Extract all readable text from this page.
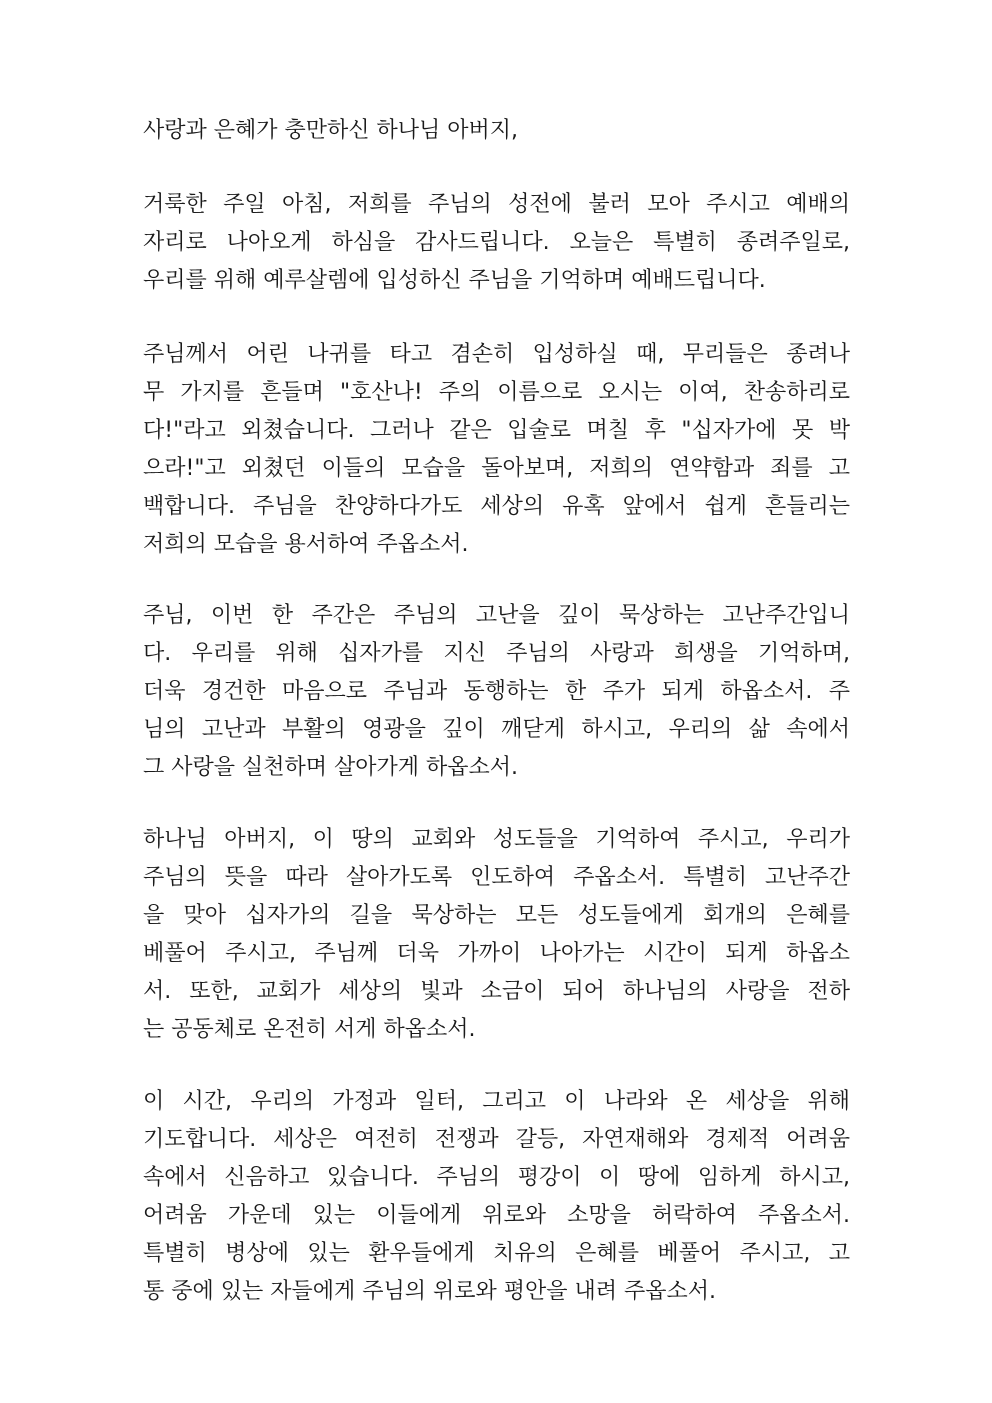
사랑과 은혜가 충만하신 하나님 아버지,
거룩한 주일 아침, 저희를 주님의 성전에 불러 모아 주시고 예배의
자리로 나아오게 하심을 감사드립니다. 오늘은 특별히 종려주일로,
우리를 위해 예루살렘에 입성하신 주님을 기억하며 예배드립니다.
주님께서 어린 나귀를 타고 겸손히 입성하실 때, 무리들은 종려나
무 가지를 흔들며 "호산나! 주의 이름으로 오시는 이여, 찬송하리로
다!"라고 외쳤습니다. 그러나 같은 입술로 며칠 후 "십자가에 못 박
으라!"고 외쳤던 이들의 모습을 돌아보며, 저희의 연약함과 죄를 고
백합니다. 주님을 찬양하다가도 세상의 유혹 앞에서 쉽게 흔들리는
저희의 모습을 용서하여 주옵소서.
주님, 이번 한 주간은 주님의 고난을 깊이 묵상하는 고난주간입니
다. 우리를 위해 십자가를 지신 주님의 사랑과 희생을 기억하며,
더욱 경건한 마음으로 주님과 동행하는 한 주가 되게 하옵소서. 주
님의 고난과 부활의 영광을 깊이 깨닫게 하시고, 우리의 삶 속에서
그 사랑을 실천하며 살아가게 하옵소서.
하나님 아버지, 이 땅의 교회와 성도들을 기억하여 주시고, 우리가
주님의 뜻을 따라 살아가도록 인도하여 주옵소서. 특별히 고난주간
을 맞아 십자가의 길을 묵상하는 모든 성도들에게 회개의 은혜를
베풀어 주시고, 주님께 더욱 가까이 나아가는 시간이 되게 하옵소
서. 또한, 교회가 세상의 빛과 소금이 되어 하나님의 사랑을 전하
는 공동체로 온전히 서게 하옵소서.
이 시간, 우리의 가정과 일터, 그리고 이 나라와 온 세상을 위해
기도합니다. 세상은 여전히 전쟁과 갈등, 자연재해와 경제적 어려움
속에서 신음하고 있습니다. 주님의 평강이 이 땅에 임하게 하시고,
어려움 가운데 있는 이들에게 위로와 소망을 허락하여 주옵소서.
특별히 병상에 있는 환우들에게 치유의 은혜를 베풀어 주시고, 고
통 중에 있는 자들에게 주님의 위로와 평안을 내려 주옵소서.
